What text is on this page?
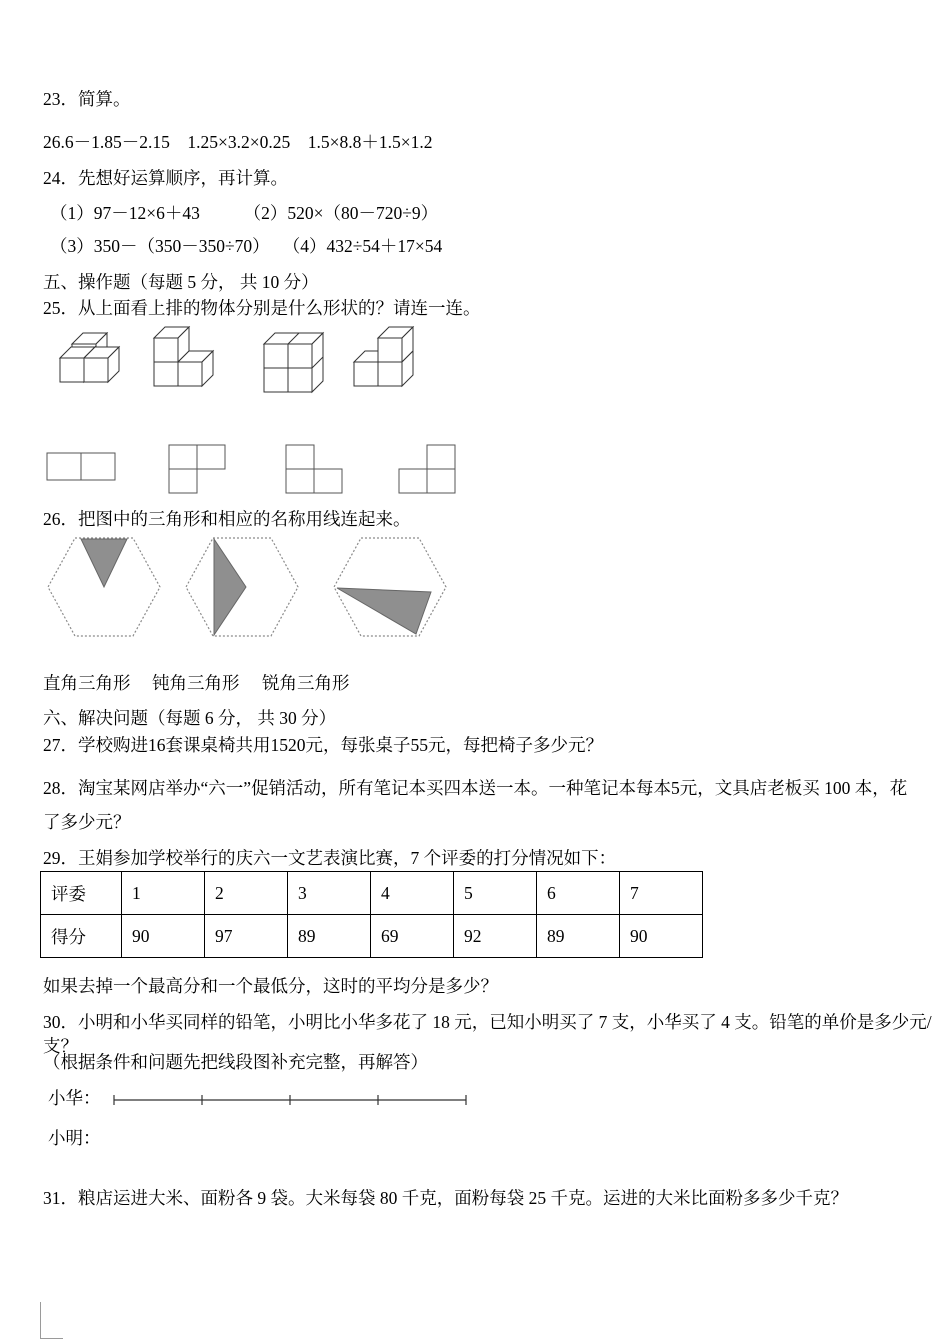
23．简算。
26.6－1.85－2.15    1.25×3.2×0.25    1.5×8.8＋1.5×1.2
24．先想好运算顺序，再计算。
（1）97－12×6＋43          （2）520×（80－720÷9）
（3）350－（350－350÷70）   （4）432÷54＋17×54
五、操作题（每题 5 分， 共 10 分）
25．从上面看上排的物体分别是什么形状的？请连一连。
26．把图中的三角形和相应的名称用线连起来。
直角三角形 钝角三角形 锐角三角形
六、解决问题（每题 6 分， 共 30 分）
27．学校购进16套课桌椅共用1520元，每张桌子55元，每把椅子多少元？
28．淘宝某网店举办“六一”促销活动，所有笔记本买四本送一本。一种笔记本每本5元，文具店老板买 100 本，花
了多少元？
29．王娟参加学校举行的庆六一文艺表演比赛，7 个评委的打分情况如下：
评委	1	2	3	4	5	6	7
得分	90	97	89	69	92	89	90
如果去掉一个最高分和一个最低分，这时的平均分是多少？
30．小明和小华买同样的铅笔，小明比小华多花了 18 元，已知小明买了 7 支，小华买了 4 支。铅笔的单价是多少元/支？
（根据条件和问题先把线段图补充完整，再解答）
小华：
小明：
31．粮店运进大米、面粉各 9 袋。大米每袋 80 千克，面粉每袋 25 千克。运进的大米比面粉多多少千克？
